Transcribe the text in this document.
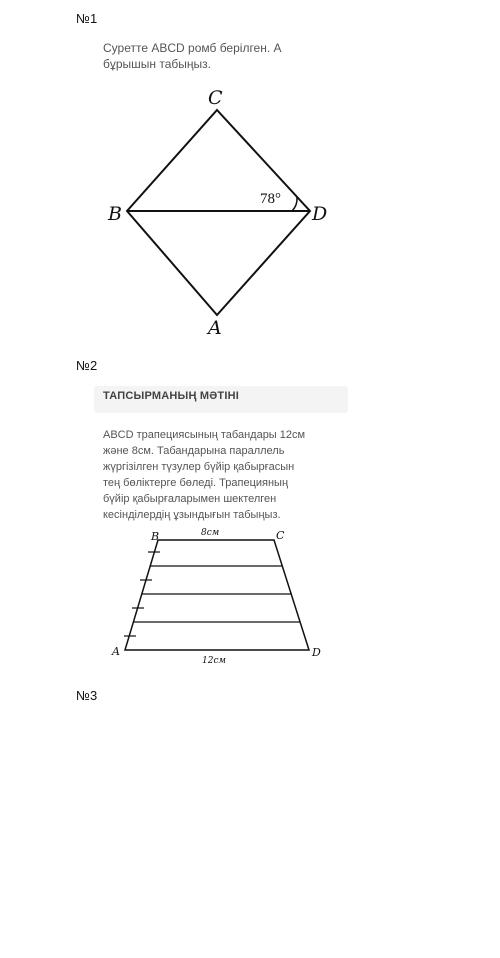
№1
Суретте ABCD ромб берілген. А
бұрышын табыңыз.
C
B	D
A
78°
№2
ТАПСЫРМАНЫҢ МӘТІНІ
ABCD трапециясының табандары 12см
және 8см. Табандарына параллель
жүргізілген түзулер бүйір қабырғасын
тең бөліктерге бөледі. Трапецияның
бүйір қабырғаларымен шектелген
кесінділердің ұзындығын табыңыз.
B	C
A	D
8см
12см
№3
